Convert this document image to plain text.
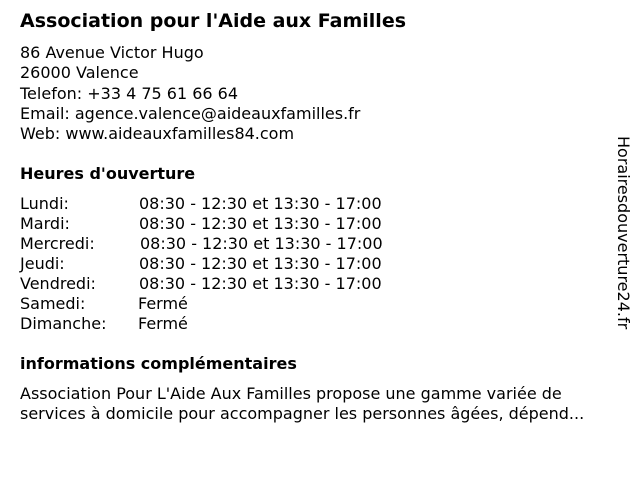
Association pour l'Aide aux Familles
86 Avenue Victor Hugo
26000 Valence
Telefon: +33 4 75 61 66 64
Email: agence.valence@aideauxfamilles.fr
Web: www.aideauxfamilles84.com
Heures d'ouverture
Lundi:	08:30 - 12:30 et 13:30 - 17:00
Mardi:	08:30 - 12:30 et 13:30 - 17:00
Mercredi:	08:30 - 12:30 et 13:30 - 17:00
Jeudi:	08:30 - 12:30 et 13:30 - 17:00
Vendredi:	08:30 - 12:30 et 13:30 - 17:00
Samedi:	Fermé
Dimanche: Fermé
informations complémentaires
Association Pour L'Aide Aux Familles propose une gamme variée de
services à domicile pour accompagner les personnes âgées, dépend...
Horairesdouverture24.fr
